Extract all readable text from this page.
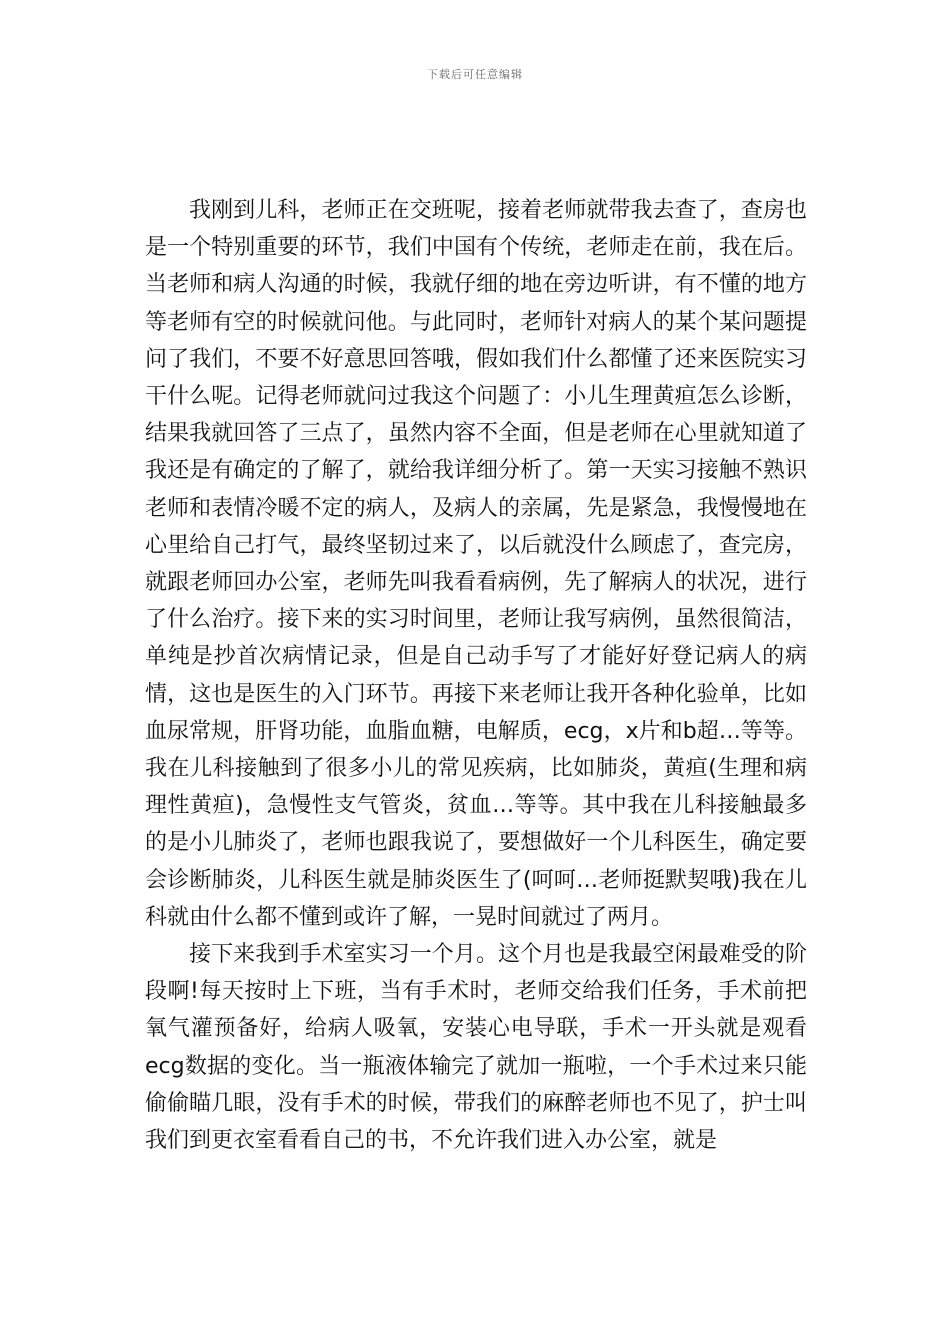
下载后可任意编辑

我刚到儿科，老师正在交班呢，接着老师就带我去查了，查房也是一个特别重要的环节，我们中国有个传统，老师走在前，我在后。当老师和病人沟通的时候，我就仔细的地在旁边听讲，有不懂的地方等老师有空的时候就问他。与此同时，老师针对病人的某个某问题提问了我们，不要不好意思回答哦，假如我们什么都懂了还来医院实习干什么呢。记得老师就问过我这个问题了：小儿生理黄疸怎么诊断，结果我就回答了三点了，虽然内容不全面，但是老师在心里就知道了我还是有确定的了解了，就给我详细分析了。第一天实习接触不熟识老师和表情冷暖不定的病人，及病人的亲属，先是紧急，我慢慢地在心里给自己打气，最终坚韧过来了，以后就没什么顾虑了，查完房，就跟老师回办公室，老师先叫我看看病例，先了解病人的状况，进行了什么治疗。接下来的实习时间里，老师让我写病例，虽然很简洁，单纯是抄首次病情记录，但是自己动手写了才能好好登记病人的病情，这也是医生的入门环节。再接下来老师让我开各种化验单，比如血尿常规，肝肾功能，血脂血糖，电解质，ecg，x片和b超…等等。我在儿科接触到了很多小儿的常见疾病，比如肺炎，黄疸(生理和病理性黄疸)，急慢性支气管炎，贫血…等等。其中我在儿科接触最多的是小儿肺炎了，老师也跟我说了，要想做好一个儿科医生，确定要会诊断肺炎，儿科医生就是肺炎医生了(呵呵…老师挺默契哦)我在儿科就由什么都不懂到或许了解，一晃时间就过了两月。

接下来我到手术室实习一个月。这个月也是我最空闲最难受的阶段啊!每天按时上下班，当有手术时，老师交给我们任务，手术前把氧气灌预备好，给病人吸氧，安装心电导联，手术一开头就是观看ecg数据的变化。当一瓶液体输完了就加一瓶啦，一个手术过来只能偷偷瞄几眼，没有手术的时候，带我们的麻醉老师也不见了，护士叫我们到更衣室看看自己的书，不允许我们进入办公室，就是
